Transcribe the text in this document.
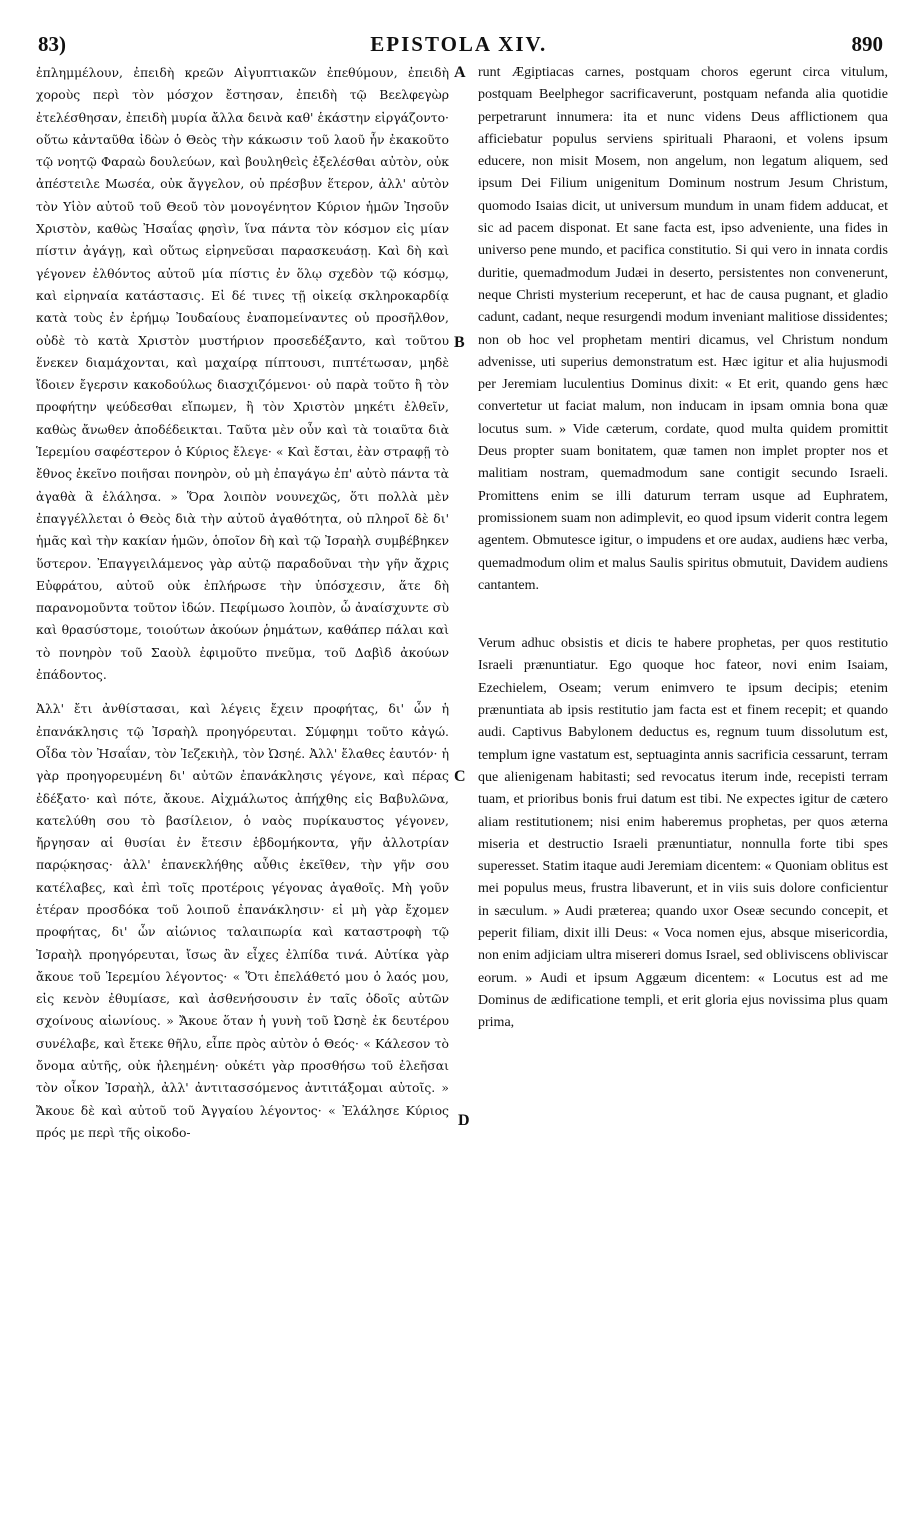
83)	EPISTOLA XIV.	890

ἐπλημμέλουν, ἐπειδὴ κρεῶν Αἰγυπτιακῶν ἐπεθύμουν, ἐπειδὴ χοροὺς περὶ τὸν μόσχον ἔστησαν, ἐπειδὴ τῷ Βεελφεγὼρ ἐτελέσθησαν, ἐπειδὴ μυρία ἄλλα δεινὰ καθ' ἑκάστην εἰργάζοντο· οὕτω κἀνταῦθα ἰδὼν ὁ Θεὸς τὴν κάκωσιν τοῦ λαοῦ ἦν ἐκακοῦτο τῷ νοητῷ Φαραὼ δουλεύων, καὶ βουληθεὶς ἐξελέσθαι αὐτὸν, οὐκ ἀπέστειλε Μωσέα, οὐκ ἄγγελον, οὐ πρέσβυν ἕτερον, ἀλλ' αὐτὸν τὸν Υἱὸν αὐτοῦ τοῦ Θεοῦ τὸν μονογένητον Κύριον ἡμῶν Ἰησοῦν Χριστὸν, καθὼς Ἠσαΐας φησὶν, ἵνα πάντα τὸν κόσμον εἰς μίαν πίστιν ἀγάγῃ, καὶ οὕτως εἰρηνεῦσαι παρασκευάσῃ. Καὶ δὴ καὶ γέγονεν ἐλθόντος αὐτοῦ μία πίστις ἐν ὅλῳ σχεδὸν τῷ κόσμῳ, καὶ εἰρηναία κατάστασις. Εἰ δέ τινες τῇ οἰκείᾳ σκληροκαρδίᾳ κατὰ τοὺς ἐν ἐρήμῳ Ἰουδαίους ἐναπομείναντες οὐ προσῆλθον, οὐδὲ τὸ κατὰ Χριστὸν μυστήριον προσεδέξαντο, καὶ τοῦτου ἕνεκεν διαμάχονται, καὶ μαχαίρᾳ πίπτουσι, πιπτέτωσαν, μηδὲ ἴδοιεν ἔγερσιν κακοδούλως διασχιζόμενοι· οὐ παρὰ τοῦτο ἢ τὸν προφήτην ψεύδεσθαι εἴπωμεν, ἢ τὸν Χριστὸν μηκέτι ἐλθεῖν, καθὼς ἄνωθεν ἀποδέδεικται. Ταῦτα μὲν οὖν καὶ τὰ τοιαῦτα διὰ Ἱερεμίου σαφέστερον ὁ Κύριος ἔλεγε· « Καὶ ἔσται, ἐὰν στραφῇ τὸ ἔθνος ἐκεῖνο ποιῆσαι πονηρὸν, οὐ μὴ ἐπαγάγω ἐπ' αὐτὸ πάντα τὰ ἀγαθὰ ἃ ἐλάλησα. » Ὅρα λοιπὸν νουνεχῶς, ὅτι πολλὰ μὲν ἐπαγγέλλεται ὁ Θεὸς διὰ τὴν αὐτοῦ ἀγαθότητα, οὐ πληροῖ δὲ δι' ἡμᾶς καὶ τὴν κακίαν ἡμῶν, ὁποῖον δὴ καὶ τῷ Ἰσραὴλ συμβέβηκεν ὕστερον. Ἐπαγγειλάμενος γὰρ αὐτῷ παραδοῦναι τὴν γῆν ἄχρις Εὐφράτου, αὐτοῦ οὐκ ἐπλήρωσε τὴν ὑπόσχεσιν, ἅτε δὴ παρανομοῦντα τοῦτον ἰδών. Πεφίμωσο λοιπὸν, ὦ ἀναίσχυντε σὺ καὶ θρασύστομε, τοιούτων ἀκούων ῥημάτων, καθάπερ πάλαι καὶ τὸ πονηρὸν τοῦ Σαοὺλ ἐφιμοῦτο πνεῦμα, τοῦ Δαβὶδ ἀκούων ἐπάδοντος.

Ἀλλ' ἔτι ἀνθίστασαι, καὶ λέγεις ἔχειν προφήτας, δι' ὧν ἡ ἐπανάκλησις τῷ Ἰσραὴλ προηγόρευται. Σύμφημι τοῦτο κἀγώ. Οἶδα τὸν Ἠσαΐαν, τὸν Ἰεζεκιὴλ, τὸν Ὠσηέ. Ἀλλ' ἔλαθες ἑαυτόν· ἡ γὰρ προηγορευμένη δι' αὐτῶν ἐπανάκλησις γέγονε, καὶ πέρας ἐδέξατο· καὶ πότε, ἄκουε. Αἰχμάλωτος ἀπήχθης εἰς Βαβυλῶνα, κατελύθη σου τὸ βασίλειον, ὁ ναὸς πυρίκαυστος γέγονεν, ἤργησαν αἱ θυσίαι ἐν ἔτεσιν ἑβδομήκοντα, γῆν ἀλλοτρίαν παρῴκησας· ἀλλ' ἐπανεκλήθης αὖθις ἐκεῖθεν, τὴν γῆν σου κατέλαβες, καὶ ἐπὶ τοῖς προτέροις γέγονας ἀγαθοῖς. Μὴ γοῦν ἑτέραν προσδόκα τοῦ λοιποῦ ἐπανάκλησιν· εἰ μὴ γὰρ ἔχομεν προφήτας, δι' ὧν αἰώνιος ταλαιπωρία καὶ καταστροφὴ τῷ Ἰσραὴλ προηγόρευται, ἴσως ἂν εἶχες ἐλπίδα τινά. Αὐτίκα γὰρ ἄκουε τοῦ Ἱερεμίου λέγοντος· « Ὅτι ἐπελάθετό μου ὁ λαός μου, εἰς κενὸν ἐθυμίασε, καὶ ἀσθενήσουσιν ἐν ταῖς ὁδοῖς αὐτῶν σχοίνους αἰωνίους. » Ἄκουε ὅταν ἡ γυνὴ τοῦ Ὠσηὲ ἐκ δευτέρου συνέλαβε, καὶ ἔτεκε θῆλυ, εἶπε πρὸς αὐτὸν ὁ Θεός· « Κάλεσον τὸ ὄνομα αὐτῆς, οὐκ ἠλεημένη· οὐκέτι γὰρ προσθήσω τοῦ ἐλεῆσαι τὸν οἶκον Ἰσραὴλ, ἀλλ' ἀντιτασσόμενος ἀντιτάξομαι αὐτοῖς. » Ἄκουε δὲ καὶ αὐτοῦ τοῦ Ἀγγαίου λέγοντος· « Ἐλάλησε Κύριος πρός με περὶ τῆς οἰκοδο-

A
B
C
D

runt Ægiptiacas carnes, postquam choros egerunt circa vitulum, postquam Beelphegor sacrificaverunt, postquam nefanda alia quotidie perpetrarunt innumera: ita et nunc videns Deus afflictionem qua afficiebatur populus serviens spirituali Pharaoni, et volens ipsum educere, non misit Mosem, non angelum, non legatum aliquem, sed ipsum Dei Filium unigenitum Dominum nostrum Jesum Christum, quomodo Isaias dicit, ut universum mundum in unam fidem adducat, et sic ad pacem disponat. Et sane facta est, ipso adveniente, una fides in universo pene mundo, et pacifica constitutio. Si qui vero in innata cordis duritie, quemadmodum Judæi in deserto, persistentes non convenerunt, neque Christi mysterium receperunt, et hac de causa pugnant, et gladio cadunt, cadant, neque resurgendi modum inveniant malitiose dissidentes; non ob hoc vel prophetam mentiri dicamus, vel Christum nondum advenisse, uti superius demonstratum est. Hæc igitur et alia hujusmodi per Jeremiam luculentius Dominus dixit: « Et erit, quando gens hæc convertetur ut faciat malum, non inducam in ipsam omnia bona quæ locutus sum. » Vide cæterum, cordate, quod multa quidem promittit Deus propter suam bonitatem, quæ tamen non implet propter nos et malitiam nostram, quemadmodum sane contigit secundo Israeli. Promittens enim se illi daturum terram usque ad Euphratem, promissionem suam non adimplevit, eo quod ipsum viderit contra legem agentem. Obmutesce igitur, o impudens et ore audax, audiens hæc verba, quemadmodum olim et malus Saulis spiritus obmutuit, Davidem audiens cantantem.

Verum adhuc obsistis et dicis te habere prophetas, per quos restitutio Israeli prænuntiatur. Ego quoque hoc fateor, novi enim Isaiam, Ezechielem, Oseam; verum enimvero te ipsum decipis; etenim prænuntiata ab ipsis restitutio jam facta est et finem recepit; et quando audi. Captivus Babylonem deductus es, regnum tuum dissolutum est, templum igne vastatum est, septuaginta annis sacrificia cessarunt, terram que alienigenam habitasti; sed revocatus iterum inde, recepisti terram tuam, et prioribus bonis frui datum est tibi. Ne expectes igitur de cætero aliam restitutionem; nisi enim haberemus prophetas, per quos æterna miseria et destructio Israeli prænuntiatur, nonnulla forte tibi spes superesset. Statim itaque audi Jeremiam dicentem: « Quoniam oblitus est mei populus meus, frustra libaverunt, et in viis suis dolore conficientur in sæculum. » Audi præterea; quando uxor Oseæ secundo concepit, et peperit filiam, dixit illi Deus: « Voca nomen ejus, absque misericordia, non enim adjiciam ultra misereri domus Israel, sed obliviscens obliviscar eorum. » Audi et ipsum Aggæum dicentem: « Locutus est ad me Dominus de ædificatione templi, et erit gloria ejus novissima plus quam prima,
